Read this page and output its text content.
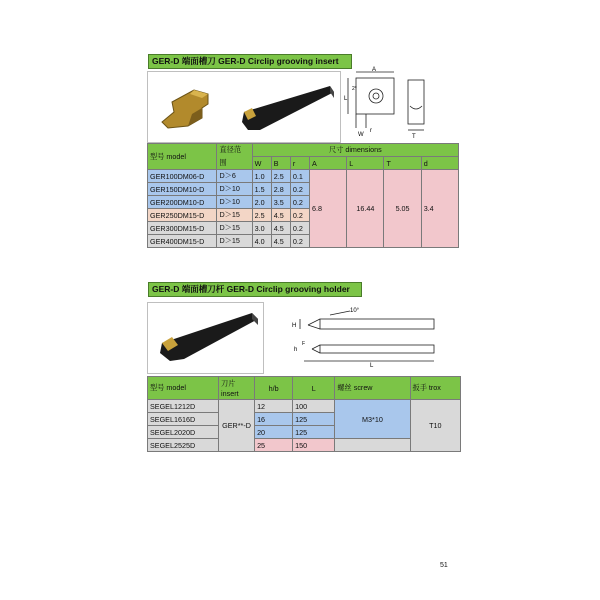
GER-D 端面槽刀 GER-D Circlip grooving insert
A
L
2°
W
r
T
型号 model	直径范	尺寸 dimensions						
	围	W	B	r	A	L	T	d
GER100DM06-D	D＞6	1.0	2.5	0.1	6.8	16.44	5.05	3.4
GER150DM10-D	D＞10	1.5	2.8	0.2				
GER200DM10-D	D＞10	2.0	3.5	0.2				
GER250DM15-D	D＞15	2.5	4.5	0.2				
GER300DM15-D	D＞15	3.0	4.5	0.2				
GER400DM15-D	D＞15	4.0	4.5	0.2				
GER-D 端面槽刀杆 GER-D Circlip grooving holder
10°
H
h
F
L
型号 model	刀片
insert	h/b	L	螺丝 screw	扳手 trox
SEGEL1212D	GER**-D	12	100	M3*10	T10
SEGEL1616D		16	125		
SEGEL2020D		20	125		
SEGEL2525D		25	150		
51
